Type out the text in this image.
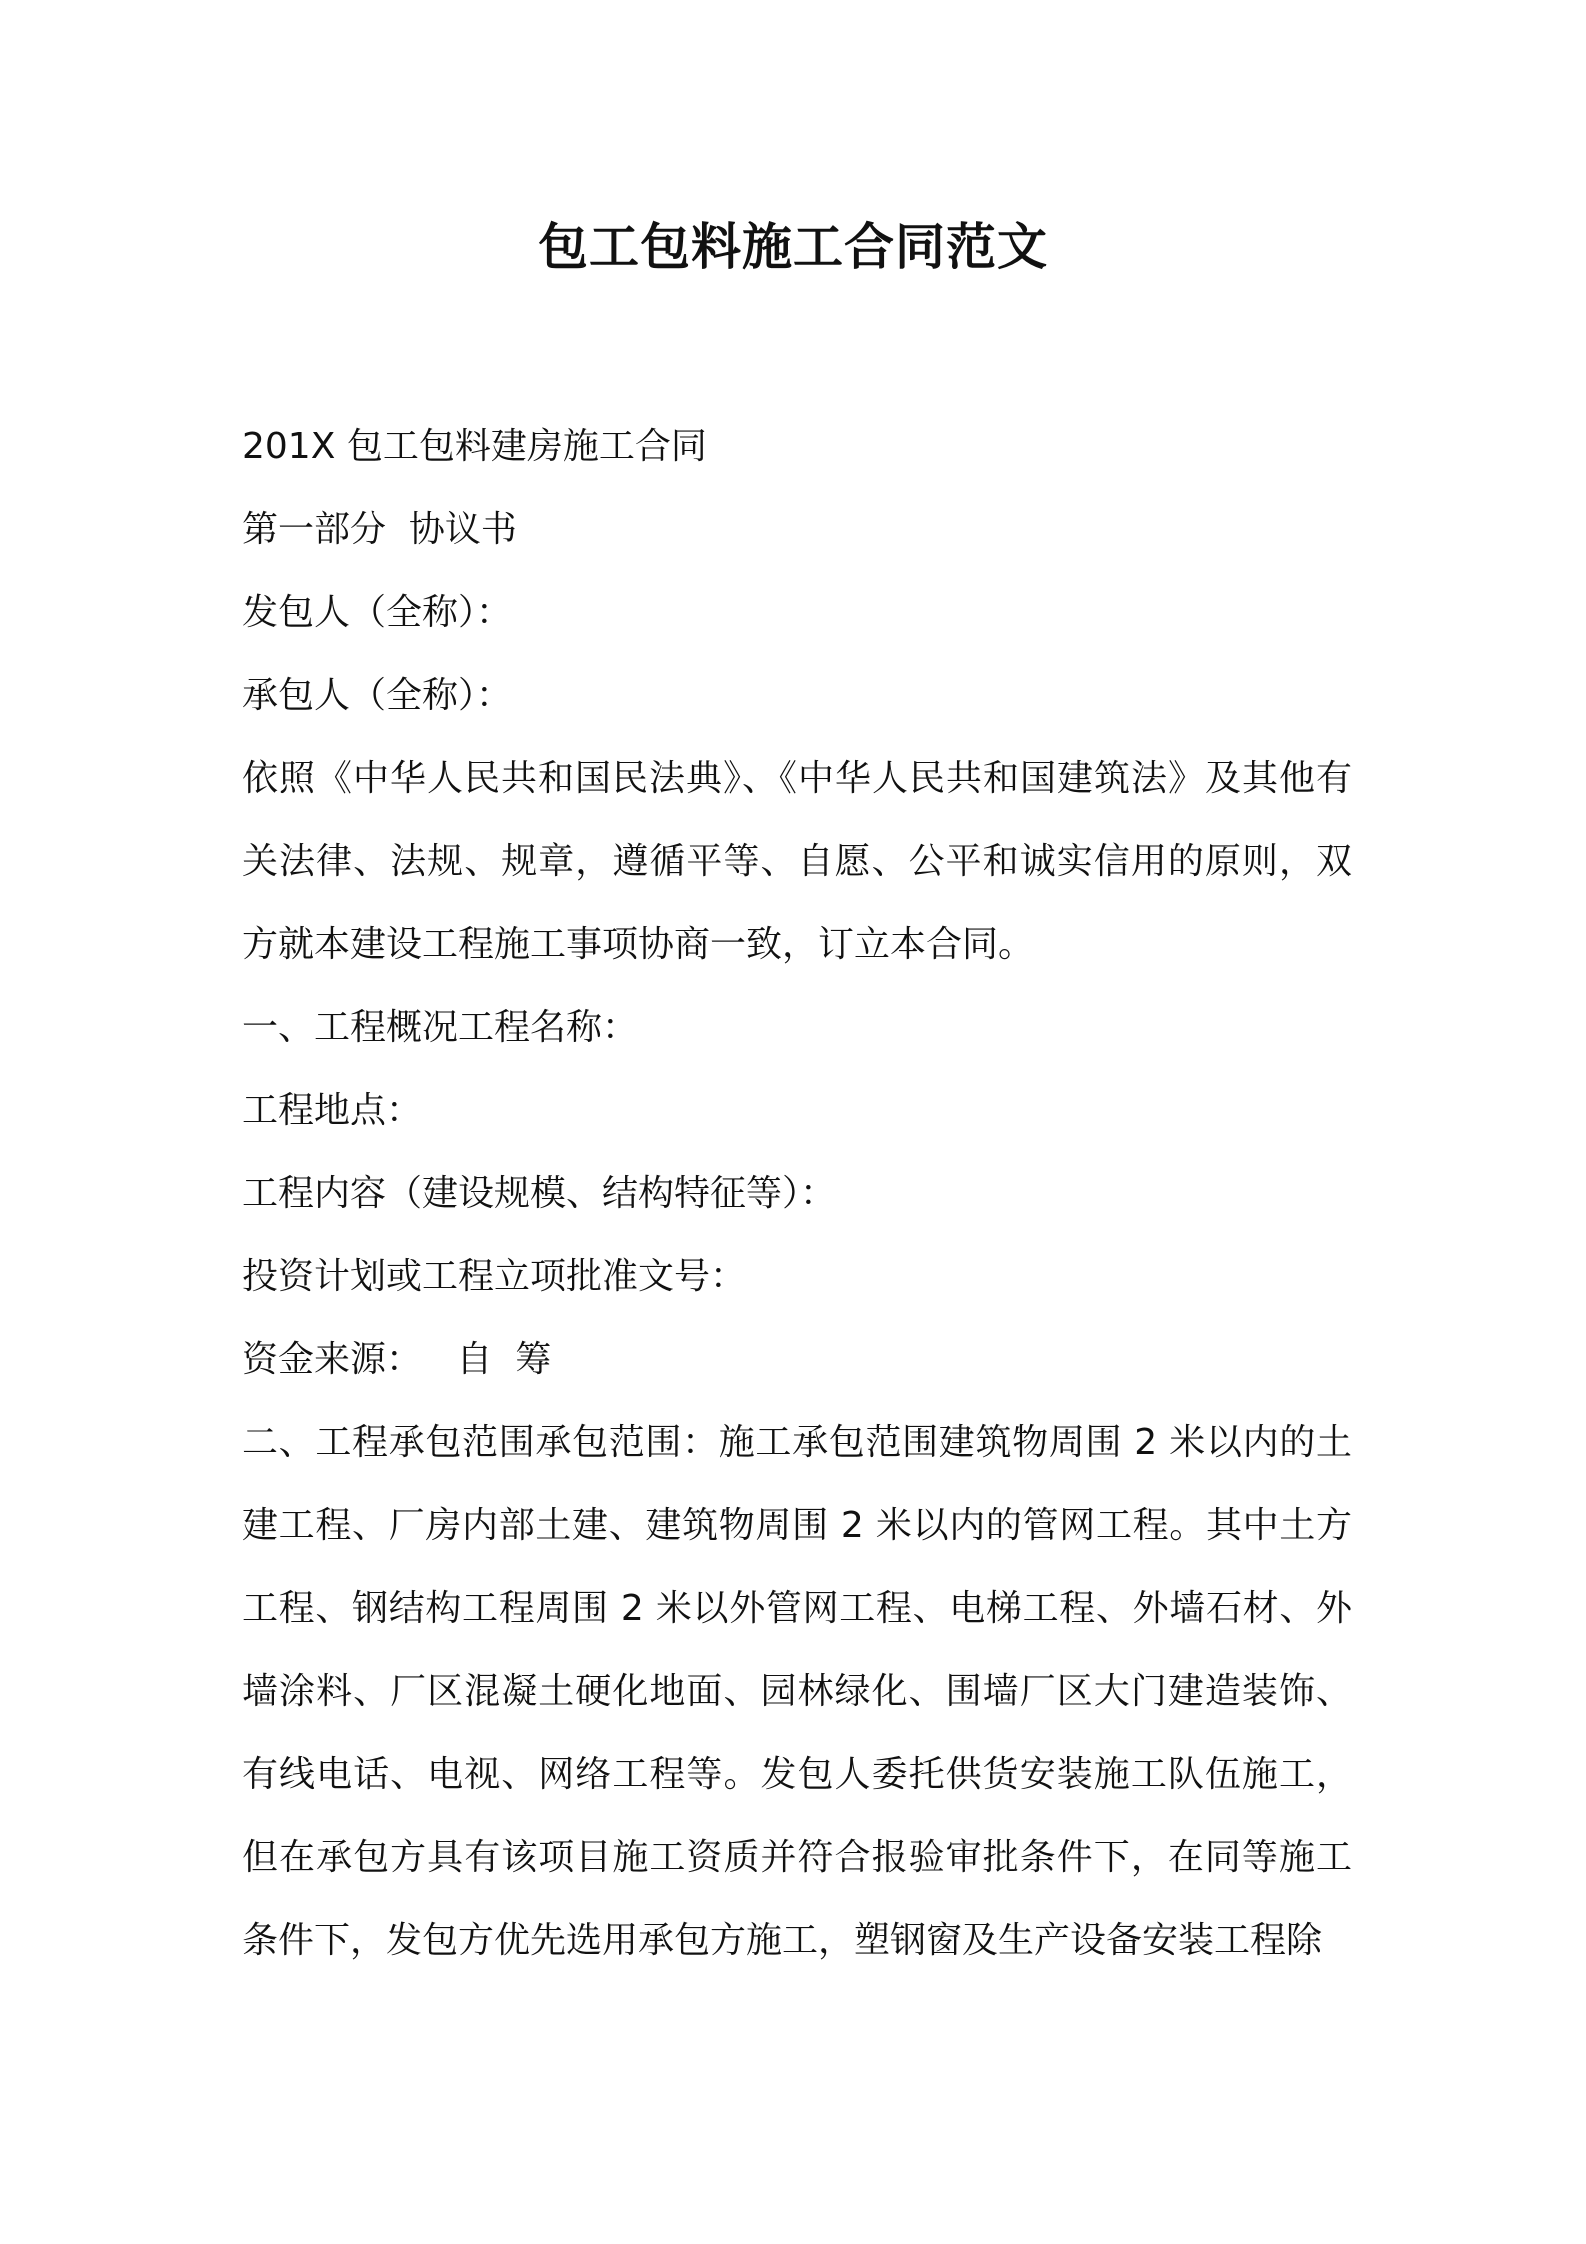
包工包料施工合同范文

201X 包工包料建房施工合同

第一部分  协议书

发包人（全称）：

承包人（全称）：

依照《中华人民共和国民法典》、《中华人民共和国建筑法》及其他有关法律、法规、规章，遵循平等、自愿、公平和诚实信用的原则，双方就本建设工程施工事项协商一致，订立本合同。

一、工程概况工程名称：

工程地点：

工程内容（建设规模、结构特征等）：

投资计划或工程立项批准文号：

资金来源：   自  筹

二、工程承包范围承包范围：施工承包范围建筑物周围 2 米以内的土建工程、厂房内部土建、建筑物周围 2 米以内的管网工程。其中土方工程、钢结构工程周围 2 米以外管网工程、电梯工程、外墙石材、外墙涂料、厂区混凝土硬化地面、园林绿化、围墙厂区大门建造装饰、有线电话、电视、网络工程等。发包人委托供货安装施工队伍施工，但在承包方具有该项目施工资质并符合报验审批条件下，在同等施工条件下，发包方优先选用承包方施工，塑钢窗及生产设备安装工程除
